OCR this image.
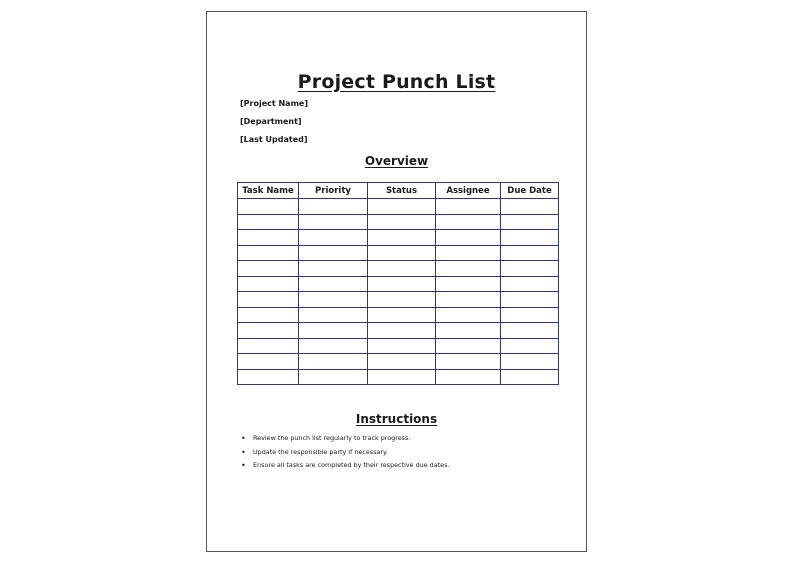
Project Punch List
[Project Name]
[Department]
[Last Updated]
Overview
Task Name	Priority	Status	Assignee	Due Date

Instructions
• Review the punch list regularly to track progress.
• Update the responsible party if necessary.
• Ensure all tasks are completed by their respective due dates.
